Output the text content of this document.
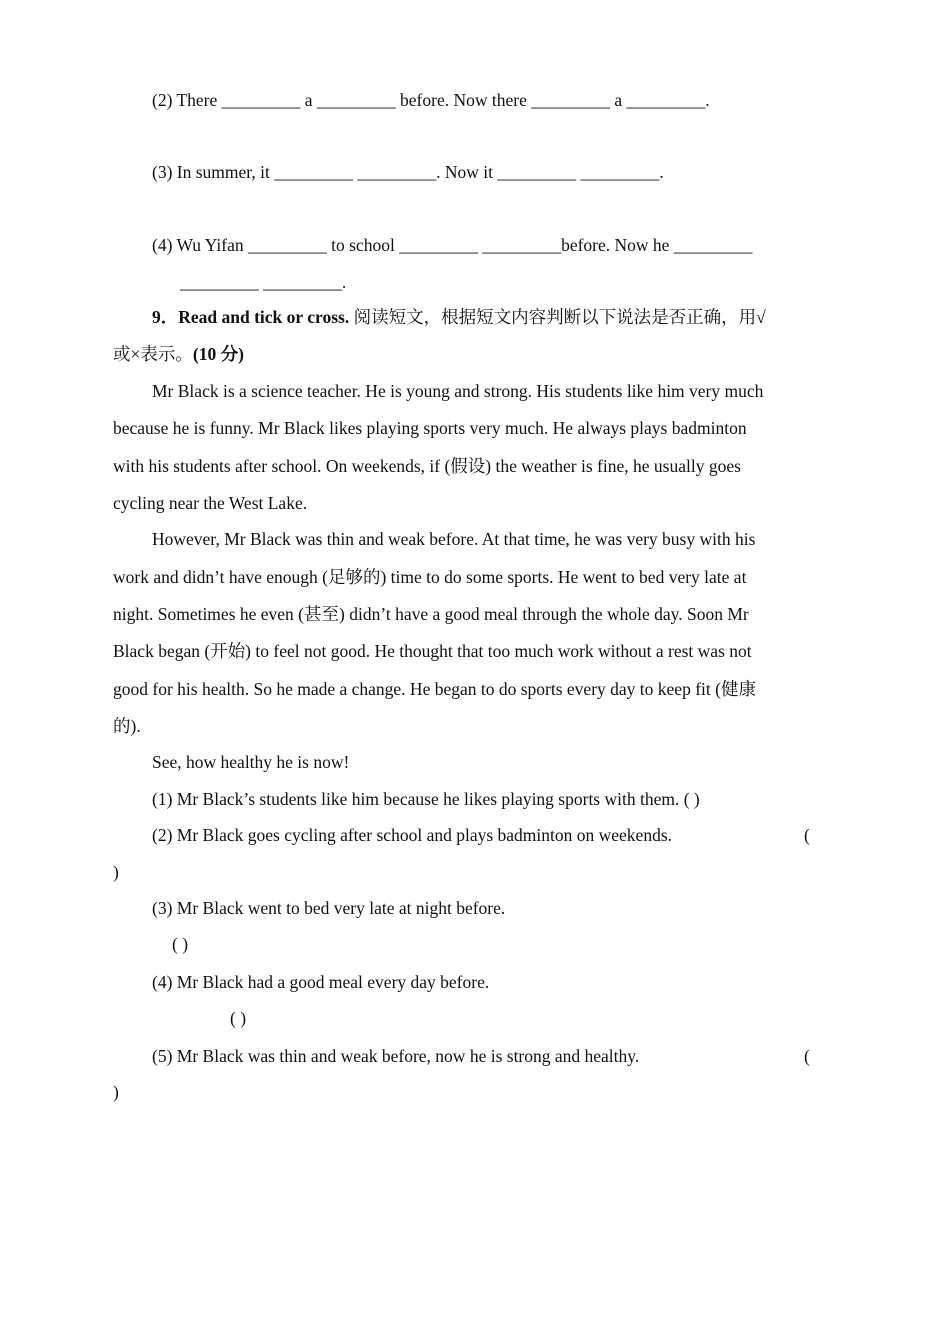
(2) There _________ a _________ before. Now there _________ a _________.
(3) In summer, it _________ _________. Now it _________ _________.
(4) Wu Yifan _________ to school _________ _________before. Now he _________
_________ _________.
9．Read and tick or cross. 阅读短文，根据短文内容判断以下说法是否正确，用√
或×表示。(10 分)
Mr Black is a science teacher. He is young and strong. His students like him very much
because he is funny. Mr Black likes playing sports very much. He always plays badminton
with his students after school. On weekends, if (假设) the weather is fine, he usually goes
cycling near the West Lake.
However, Mr Black was thin and weak before. At that time, he was very busy with his
work and didn’t have enough (足够的) time to do some sports. He went to bed very late at
night. Sometimes he even (甚至) didn’t have a good meal through the whole day. Soon Mr
Black began (开始) to feel not good. He thought that too much work without a rest was not
good for his health. So he made a change. He began to do sports every day to keep fit (健康
的).
See, how healthy he is now!
(1) Mr Black’s students like him because he likes playing sports with them. ( )
(2) Mr Black goes cycling after school and plays badminton on weekends.	(
)
(3) Mr Black went to bed very late at night before.
( )
(4) Mr Black had a good meal every day before.
( )
(5) Mr Black was thin and weak before, now he is strong and healthy.	(
)
